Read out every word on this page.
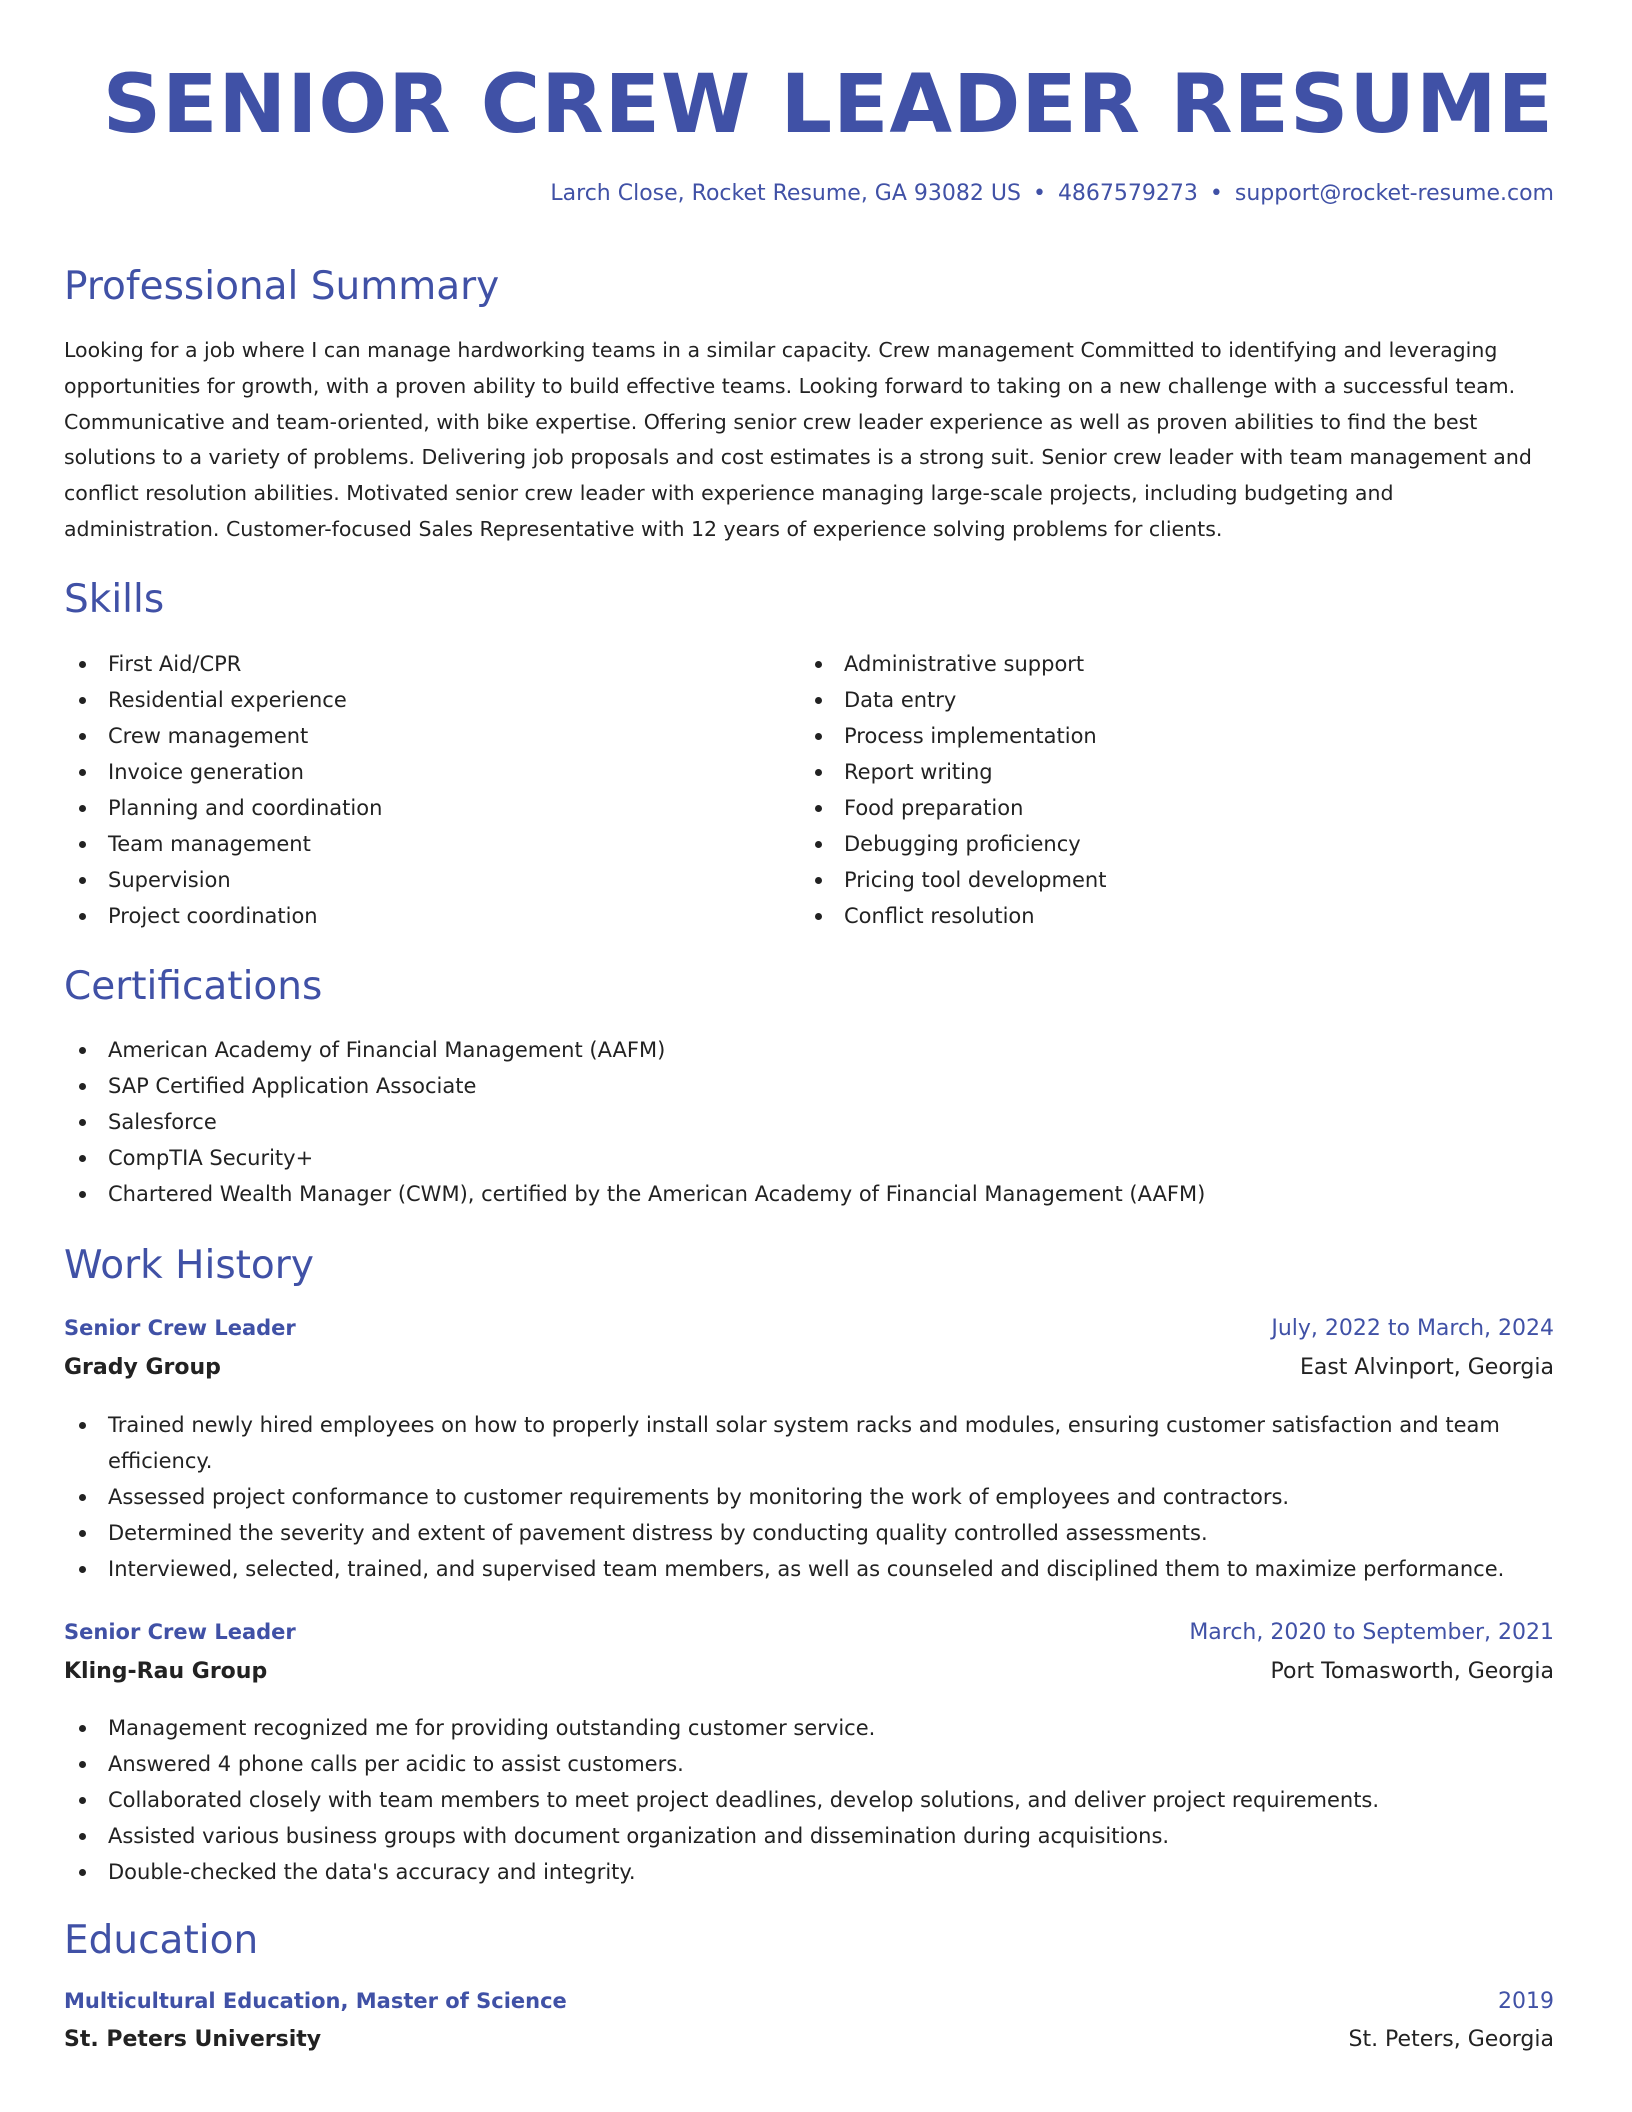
SENIOR CREW LEADER RESUME
Larch Close, Rocket Resume, GA 93082 US • 4867579273 • support@rocket-resume.com
Professional Summary

Looking for a job where I can manage hardworking teams in a similar capacity. Crew management Committed to identifying and leveraging opportunities for growth, with a proven ability to build effective teams. Looking forward to taking on a new challenge with a successful team. Communicative and team-oriented, with bike expertise. Offering senior crew leader experience as well as proven abilities to find the best solutions to a variety of problems. Delivering job proposals and cost estimates is a strong suit. Senior crew leader with team management and conflict resolution abilities. Motivated senior crew leader with experience managing large-scale projects, including budgeting and administration. Customer-focused Sales Representative with 12 years of experience solving problems for clients.

Skills
First Aid/CPR
Residential experience
Crew management
Invoice generation
Planning and coordination
Team management
Supervision
Project coordination
Administrative support
Data entry
Process implementation
Report writing
Food preparation
Debugging proficiency
Pricing tool development
Conflict resolution
Certifications
American Academy of Financial Management (AAFM)
SAP Certified Application Associate
Salesforce
CompTIA Security+
Chartered Wealth Manager (CWM), certified by the American Academy of Financial Management (AAFM)
Work History
Senior Crew Leader	July, 2022 to March, 2024
Grady Group	East Alvinport, Georgia
Trained newly hired employees on how to properly install solar system racks and modules, ensuring customer satisfaction and team efficiency.
Assessed project conformance to customer requirements by monitoring the work of employees and contractors.
Determined the severity and extent of pavement distress by conducting quality controlled assessments.
Interviewed, selected, trained, and supervised team members, as well as counseled and disciplined them to maximize performance.
Senior Crew Leader	March, 2020 to September, 2021
Kling-Rau Group	Port Tomasworth, Georgia
Management recognized me for providing outstanding customer service.
Answered 4 phone calls per acidic to assist customers.
Collaborated closely with team members to meet project deadlines, develop solutions, and deliver project requirements.
Assisted various business groups with document organization and dissemination during acquisitions.
Double-checked the data's accuracy and integrity.
Education
Multicultural Education, Master of Science	2019
St. Peters University	St. Peters, Georgia
